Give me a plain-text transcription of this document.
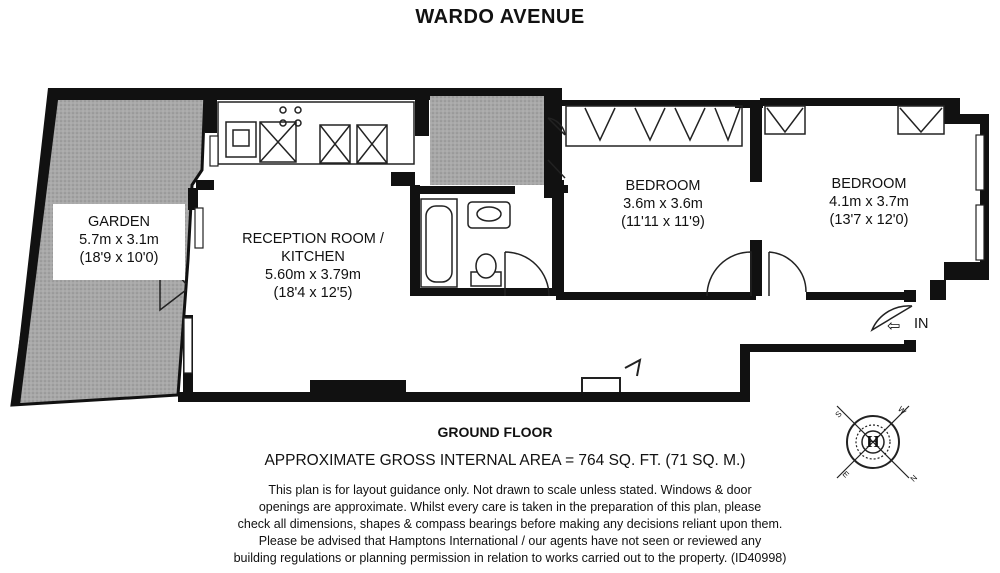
WARDO AVENUE
GARDEN
5.7m x 3.1m
(18'9 x 10'0)
RECEPTION ROOM /
KITCHEN
5.60m x 3.79m
(18'4 x 12'5)
BEDROOM
3.6m x 3.6m
(11'11 x 11'9)
BEDROOM
4.1m x 3.7m
(13'7 x 12'0)
⇦ IN
H
S	W
E	N
GROUND FLOOR
APPROXIMATE GROSS INTERNAL AREA = 764 SQ. FT. (71 SQ. M.)
This plan is for layout guidance only. Not drawn to scale unless stated. Windows & door
openings are approximate. Whilst every care is taken in the preparation of this plan, please
check all dimensions, shapes & compass bearings before making any decisions reliant upon them.
Please be advised that Hamptons International / our agents have not seen or reviewed any
building regulations or planning permission in relation to works carried out to the property. (ID40998)
